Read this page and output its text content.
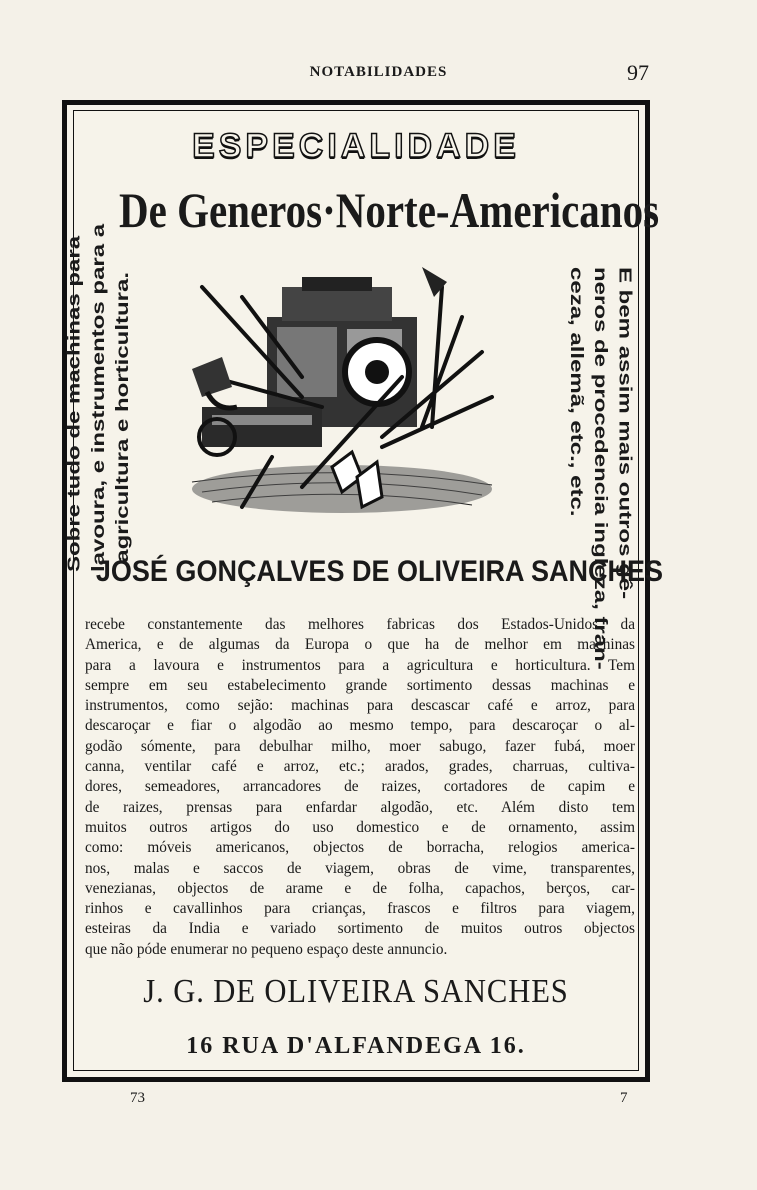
NOTABILIDADES	97
ESPECIALIDADE
De Generos·Norte-Americanos
Sobre tudo de machinas para lavoura, e instrumentos para a agricultura e horticultura.	E bem assim mais outros gê-
neros de procedencia ingleza, fran-
ceza, allemã, etc., etc.
JOSÉ GONÇALVES DE OLIVEIRA SANCHES
recebe constantemente das melhores fabricas dos Estados-Unidos da
America, e de algumas da Europa o que ha de melhor em machinas
para a lavoura e instrumentos para a agricultura e horticultura. Tem
sempre em seu estabelecimento grande sortimento dessas machinas e
instrumentos, como sejão: machinas para descascar café e arroz, para
descaroçar e fiar o algodão ao mesmo tempo, para descaroçar o al-
godão sómente, para debulhar milho, moer sabugo, fazer fubá, moer
canna, ventilar café e arroz, etc.; arados, grades, charruas, cultiva-
dores, semeadores, arrancadores de raizes, cortadores de capim e
de raizes, prensas para enfardar algodão, etc. Além disto tem
muitos outros artigos do uso domestico e de ornamento, assim
como: móveis americanos, objectos de borracha, relogios america-
nos, malas e saccos de viagem, obras de vime, transparentes,
venezianas, objectos de arame e de folha, capachos, berços, car-
rinhos e cavallinhos para crianças, frascos e filtros para viagem,
esteiras da India e variado sortimento de muitos outros objectos
que não póde enumerar no pequeno espaço deste annuncio.
J. G. DE OLIVEIRA SANCHES
16 RUA D'ALFANDEGA 16.
73	7
